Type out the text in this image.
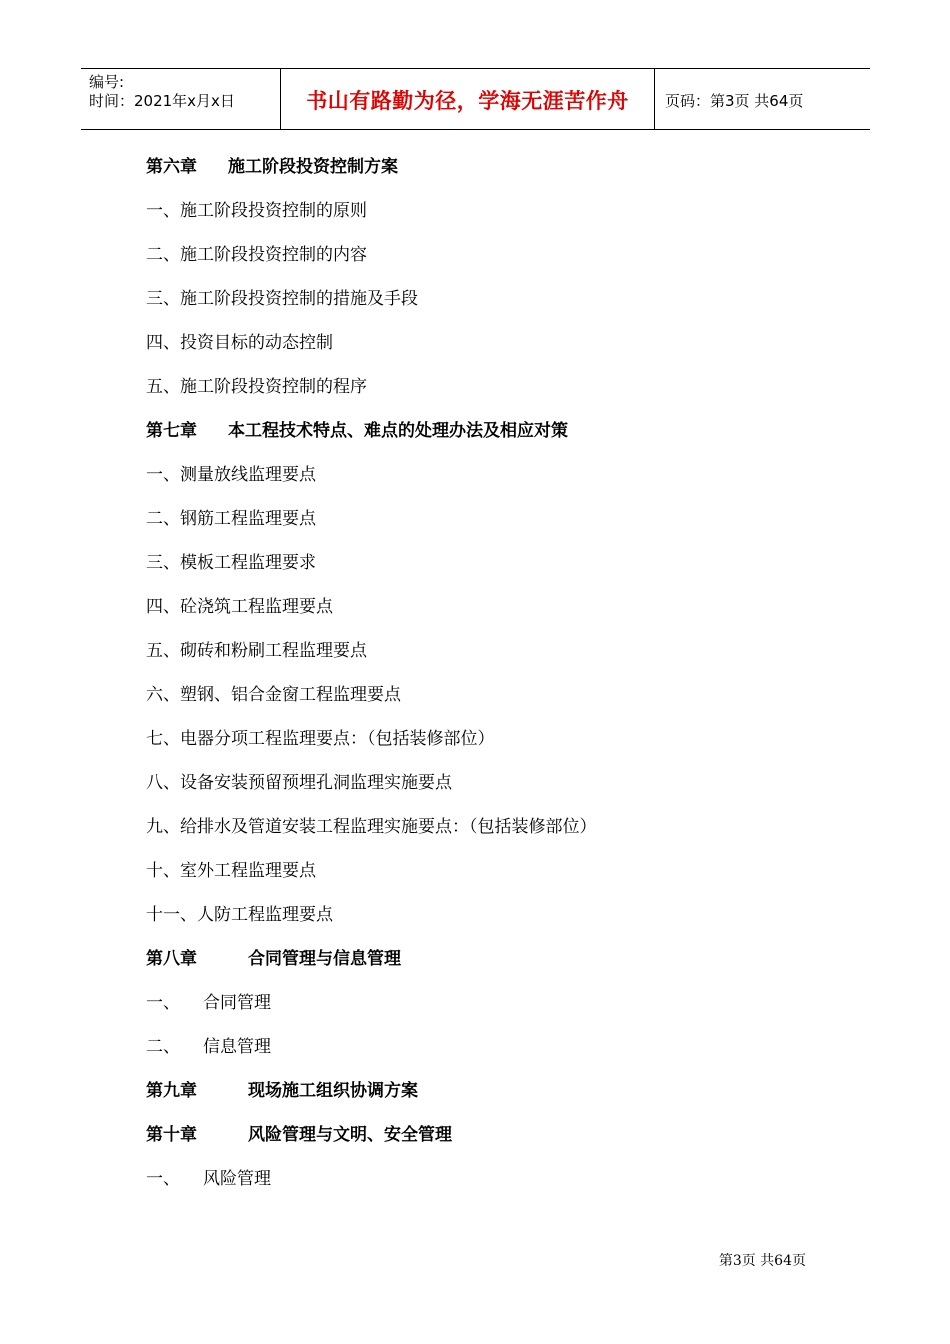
编号:
时间：2021年x月x日	书山有路勤为径，学海无涯苦作舟 页码：第3页 共64页
第六章 施工阶段投资控制方案
一、施工阶段投资控制的原则
二、施工阶段投资控制的内容
三、施工阶段投资控制的措施及手段
四、投资目标的动态控制
五、施工阶段投资控制的程序
第七章 本工程技术特点、难点的处理办法及相应对策
一、测量放线监理要点
二、钢筋工程监理要点
三、模板工程监理要求
四、砼浇筑工程监理要点
五、砌砖和粉刷工程监理要点
六、塑钢、铝合金窗工程监理要点
七、电器分项工程监理要点：（包括装修部位）
八、设备安装预留预埋孔洞监理实施要点
九、给排水及管道安装工程监理实施要点：（包括装修部位）
十、室外工程监理要点
十一、人防工程监理要点
第八章	合同管理与信息管理
一、 合同管理
二、 信息管理
第九章	现场施工组织协调方案
第十章	风险管理与文明、安全管理
一、 风险管理
第3页 共64页
